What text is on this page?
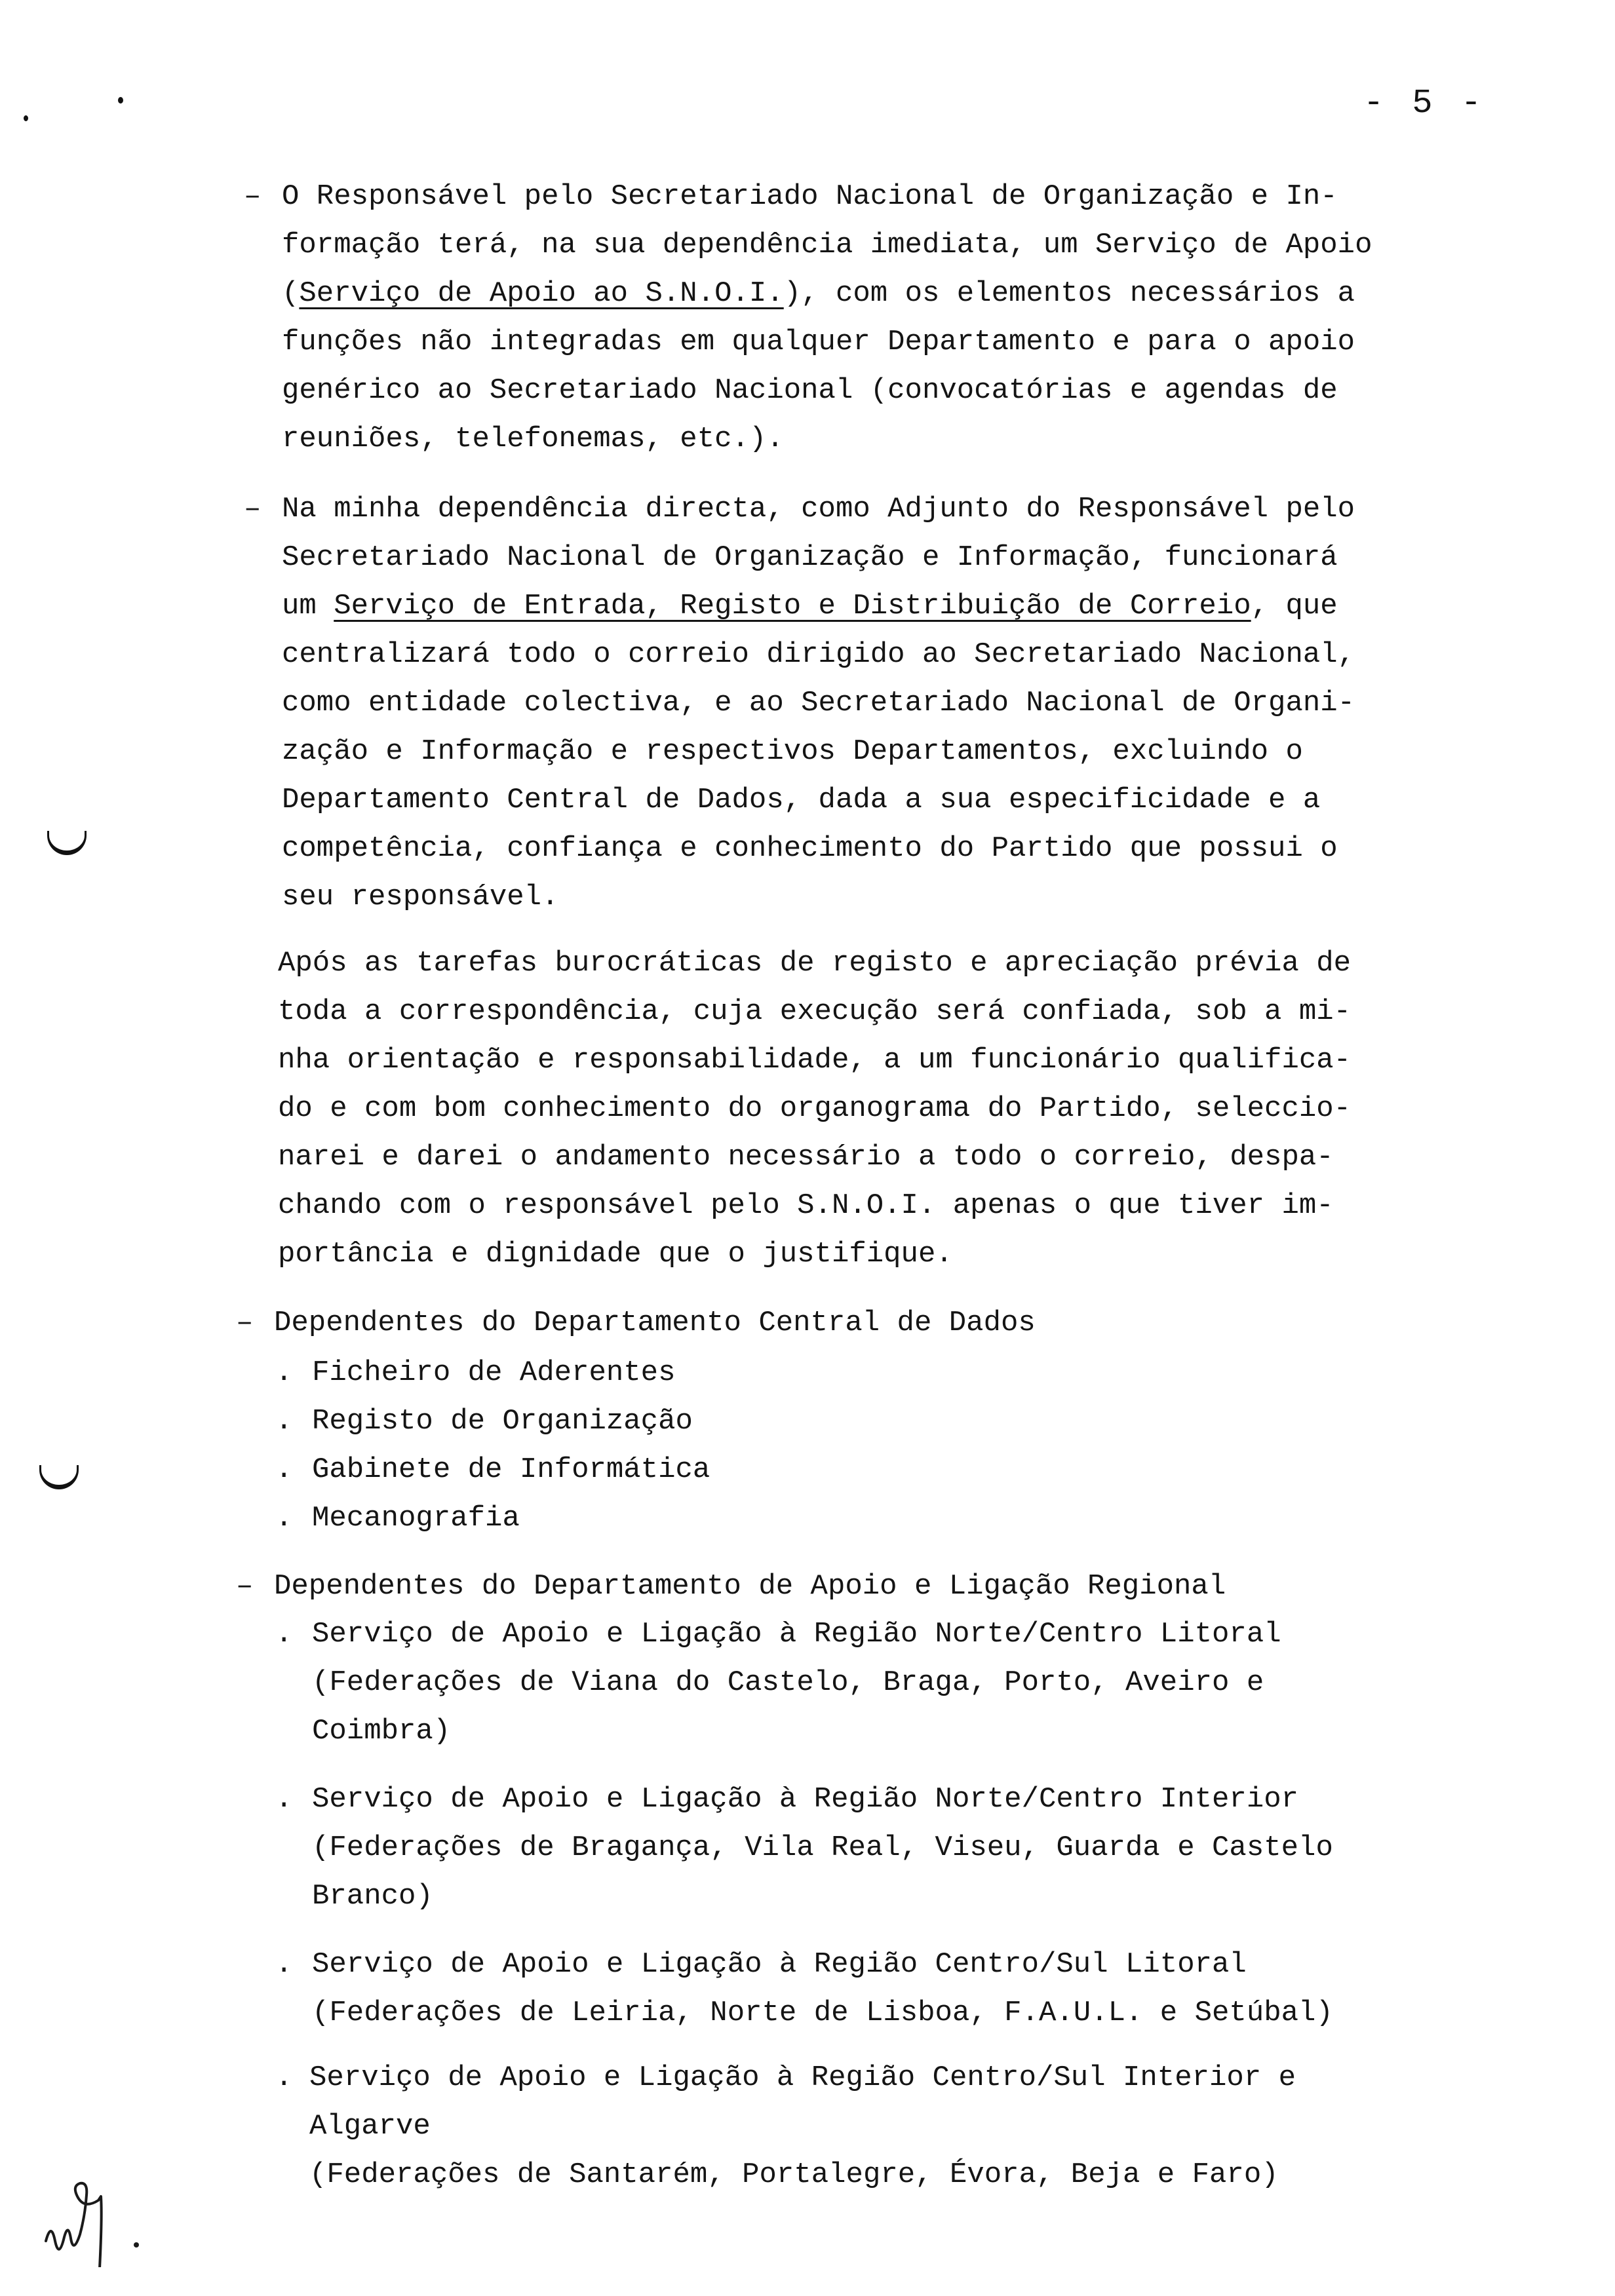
- 5 -
– O Responsável pelo Secretariado Nacional de Organização e In-
formação terá, na sua dependência imediata, um Serviço de Apoio
(Serviço de Apoio ao S.N.O.I.), com os elementos necessários a
funções não integradas em qualquer Departamento e para o apoio
genérico ao Secretariado Nacional (convocatórias e agendas de
reuniões, telefonemas, etc.).
– Na minha dependência directa, como Adjunto do Responsável pelo
Secretariado Nacional de Organização e Informação, funcionará
um Serviço de Entrada, Registo e Distribuição de Correio, que
centralizará todo o correio dirigido ao Secretariado Nacional,
como entidade colectiva, e ao Secretariado Nacional de Organi-
zação e Informação e respectivos Departamentos, excluindo o
Departamento Central de Dados, dada a sua especificidade e a
competência, confiança e conhecimento do Partido que possui o
seu responsável.
Após as tarefas burocráticas de registo e apreciação prévia de
toda a correspondência, cuja execução será confiada, sob a mi-
nha orientação e responsabilidade, a um funcionário qualifica-
do e com bom conhecimento do organograma do Partido, seleccio-
narei e darei o andamento necessário a todo o correio, despa-
chando com o responsável pelo S.N.O.I. apenas o que tiver im-
portância e dignidade que o justifique.
– Dependentes do Departamento Central de Dados
. Ficheiro de Aderentes
. Registo de Organização
. Gabinete de Informática
. Mecanografia
– Dependentes do Departamento de Apoio e Ligação Regional
. Serviço de Apoio e Ligação à Região Norte/Centro Litoral
(Federações de Viana do Castelo, Braga, Porto, Aveiro e
Coimbra)
. Serviço de Apoio e Ligação à Região Norte/Centro Interior
(Federações de Bragança, Vila Real, Viseu, Guarda e Castelo
Branco)
. Serviço de Apoio e Ligação à Região Centro/Sul Litoral
(Federações de Leiria, Norte de Lisboa, F.A.U.L. e Setúbal)
. Serviço de Apoio e Ligação à Região Centro/Sul Interior e
Algarve
(Federações de Santarém, Portalegre, Évora, Beja e Faro)
